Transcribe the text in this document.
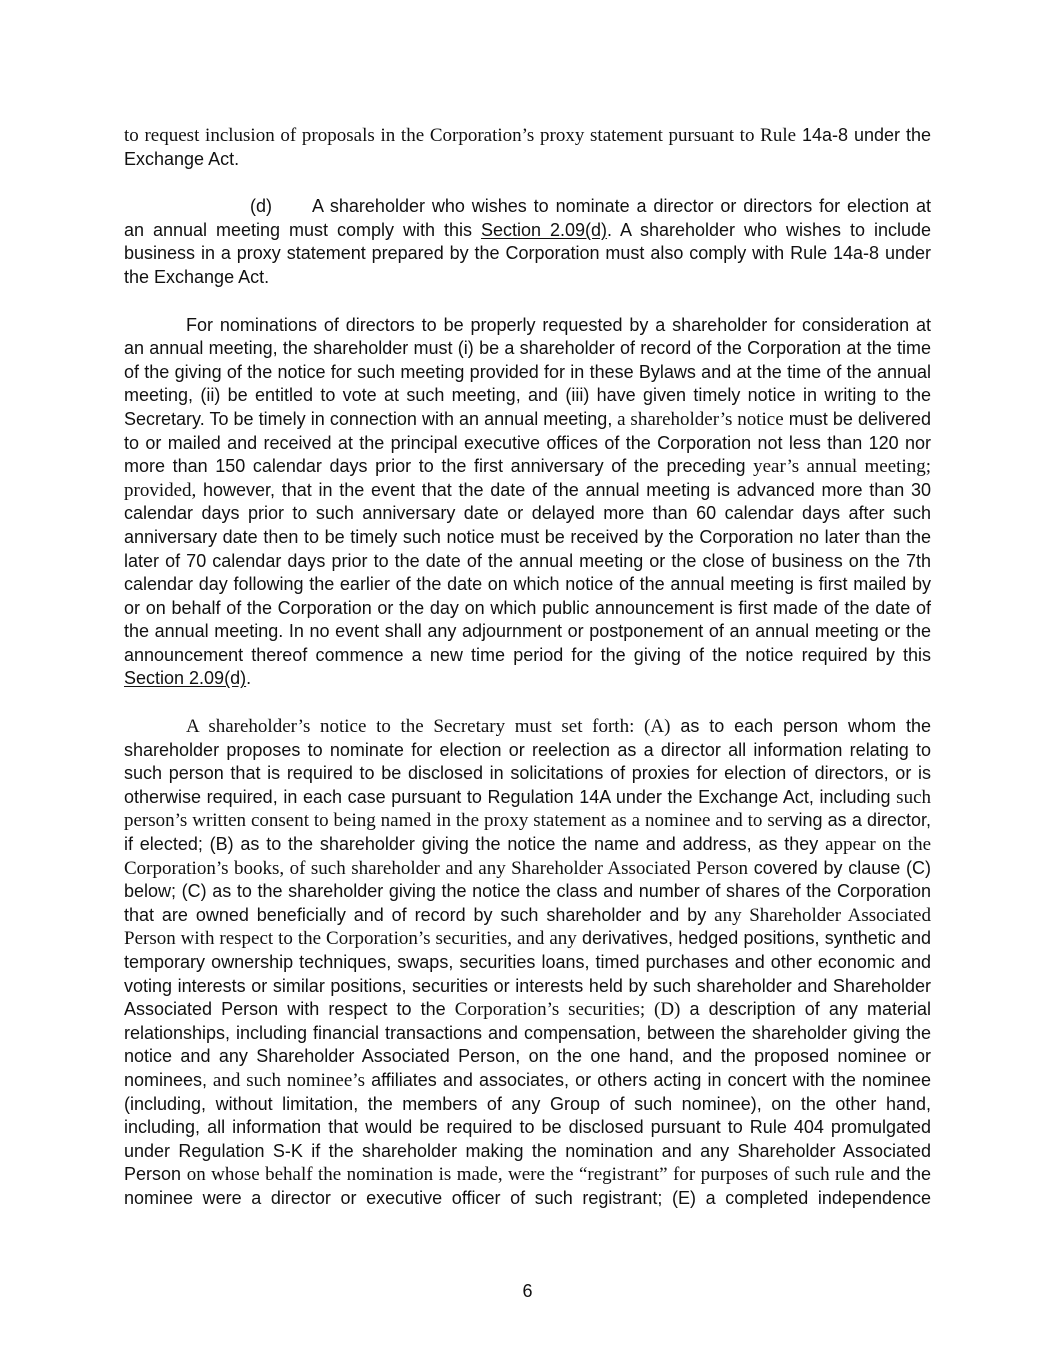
to request inclusion of proposals in the Corporation’s proxy statement pursuant to Rule 14a-8 under the Exchange Act.

(d) A shareholder who wishes to nominate a director or directors for election at an annual meeting must comply with this Section 2.09(d). A shareholder who wishes to include business in a proxy statement prepared by the Corporation must also comply with Rule 14a-8 under the Exchange Act.

For nominations of directors to be properly requested by a shareholder for consideration at an annual meeting, the shareholder must (i) be a shareholder of record of the Corporation at the time of the giving of the notice for such meeting provided for in these Bylaws and at the time of the annual meeting, (ii) be entitled to vote at such meeting, and (iii) have given timely notice in writing to the Secretary. To be timely in connection with an annual meeting, a shareholder’s notice must be delivered to or mailed and received at the principal executive offices of the Corporation not less than 120 nor more than 150 calendar days prior to the first anniversary of the preceding year’s annual meeting; provided, however, that in the event that the date of the annual meeting is advanced more than 30 calendar days prior to such anniversary date or delayed more than 60 calendar days after such anniversary date then to be timely such notice must be received by the Corporation no later than the later of 70 calendar days prior to the date of the annual meeting or the close of business on the 7th calendar day following the earlier of the date on which notice of the annual meeting is first mailed by or on behalf of the Corporation or the day on which public announcement is first made of the date of the annual meeting. In no event shall any adjournment or postponement of an annual meeting or the announcement thereof commence a new time period for the giving of the notice required by this Section 2.09(d).

A shareholder’s notice to the Secretary must set forth: (A) as to each person whom the shareholder proposes to nominate for election or reelection as a director all information relating to such person that is required to be disclosed in solicitations of proxies for election of directors, or is otherwise required, in each case pursuant to Regulation 14A under the Exchange Act, including such person’s written consent to being named in the proxy statement as a nominee and to serving as a director, if elected; (B) as to the shareholder giving the notice the name and address, as they appear on the Corporation’s books, of such shareholder and any Shareholder Associated Person covered by clause (C) below; (C) as to the shareholder giving the notice the class and number of shares of the Corporation that are owned beneficially and of record by such shareholder and by any Shareholder Associated Person with respect to the Corporation’s securities, and any derivatives, hedged positions, synthetic and temporary ownership techniques, swaps, securities loans, timed purchases and other economic and voting interests or similar positions, securities or interests held by such shareholder and Shareholder Associated Person with respect to the Corporation’s securities; (D) a description of any material relationships, including financial transactions and compensation, between the shareholder giving the notice and any Shareholder Associated Person, on the one hand, and the proposed nominee or nominees, and such nominee’s affiliates and associates, or others acting in concert with the nominee (including, without limitation, the members of any Group of such nominee), on the other hand, including, all information that would be required to be disclosed pursuant to Rule 404 promulgated under Regulation S-K if the shareholder making the nomination and any Shareholder Associated Person on whose behalf the nomination is made, were the “registrant” for purposes of such rule and the nominee were a director or executive officer of such registrant; (E) a completed independence

6
